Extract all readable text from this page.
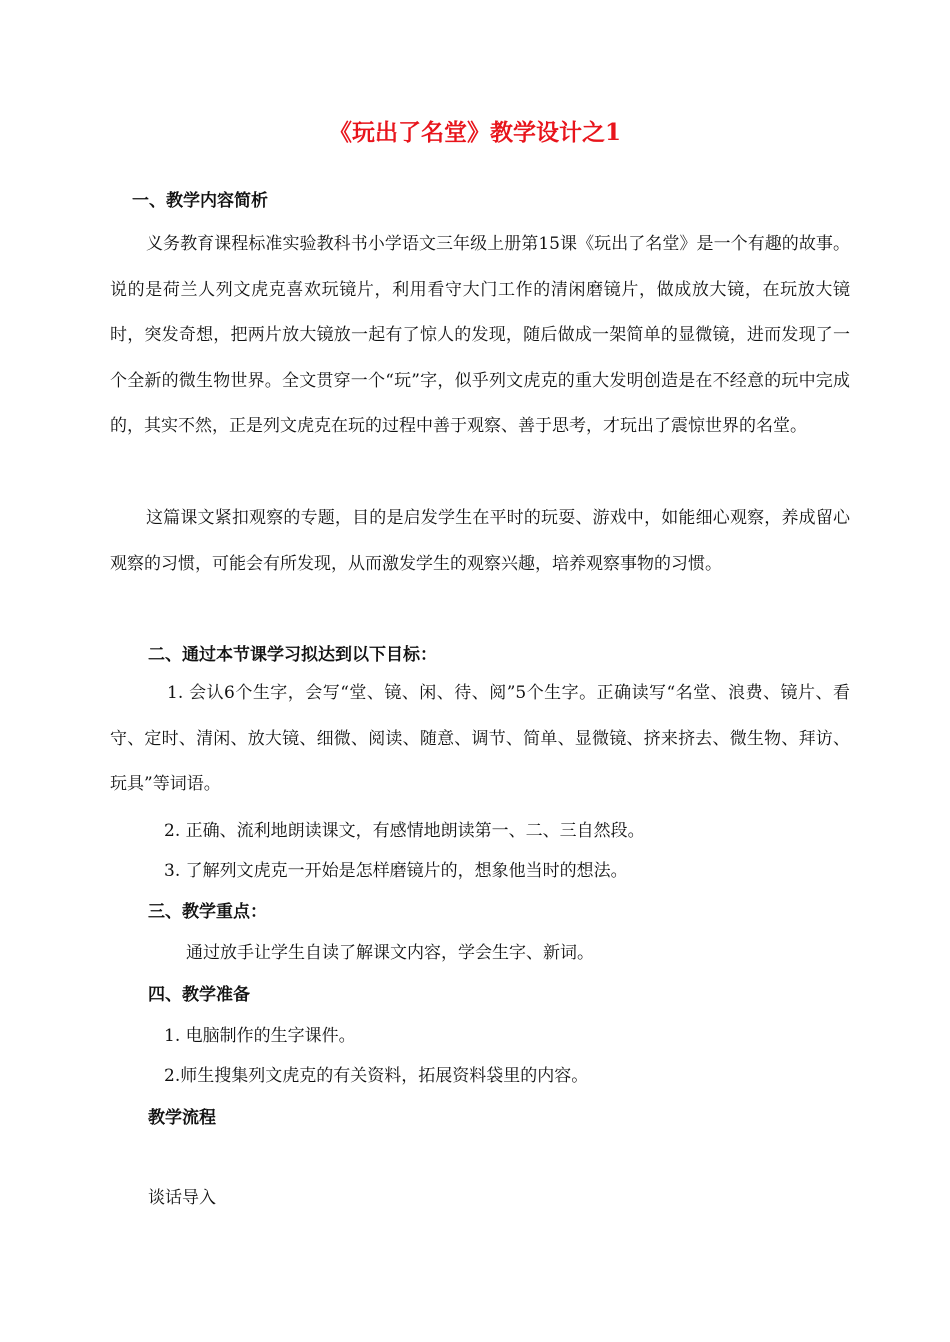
《玩出了名堂》教学设计之1
一、教学内容简析
义务教育课程标准实验教科书小学语文三年级上册第15课《玩出了名堂》是一个有趣的故事。说的是荷兰人列文虎克喜欢玩镜片，利用看守大门工作的清闲磨镜片，做成放大镜，在玩放大镜时，突发奇想，把两片放大镜放一起有了惊人的发现，随后做成一架简单的显微镜，进而发现了一个全新的微生物世界。全文贯穿一个“玩”字，似乎列文虎克的重大发明创造是在不经意的玩中完成的，其实不然，正是列文虎克在玩的过程中善于观察、善于思考，才玩出了震惊世界的名堂。
这篇课文紧扣观察的专题，目的是启发学生在平时的玩耍、游戏中，如能细心观察，养成留心观察的习惯，可能会有所发现，从而激发学生的观察兴趣，培养观察事物的习惯。
二、通过本节课学习拟达到以下目标：
1. 会认6个生字，会写“堂、镜、闲、待、阅”5个生字。正确读写“名堂、浪费、镜片、看守、定时、清闲、放大镜、细微、阅读、随意、调节、简单、显微镜、挤来挤去、微生物、拜访、玩具”等词语。
2. 正确、流利地朗读课文，有感情地朗读第一、二、三自然段。
3. 了解列文虎克一开始是怎样磨镜片的，想象他当时的想法。
三、教学重点：
通过放手让学生自读了解课文内容，学会生字、新词。
四、教学准备
1. 电脑制作的生字课件。
2.师生搜集列文虎克的有关资料，拓展资料袋里的内容。
教学流程
谈话导入
